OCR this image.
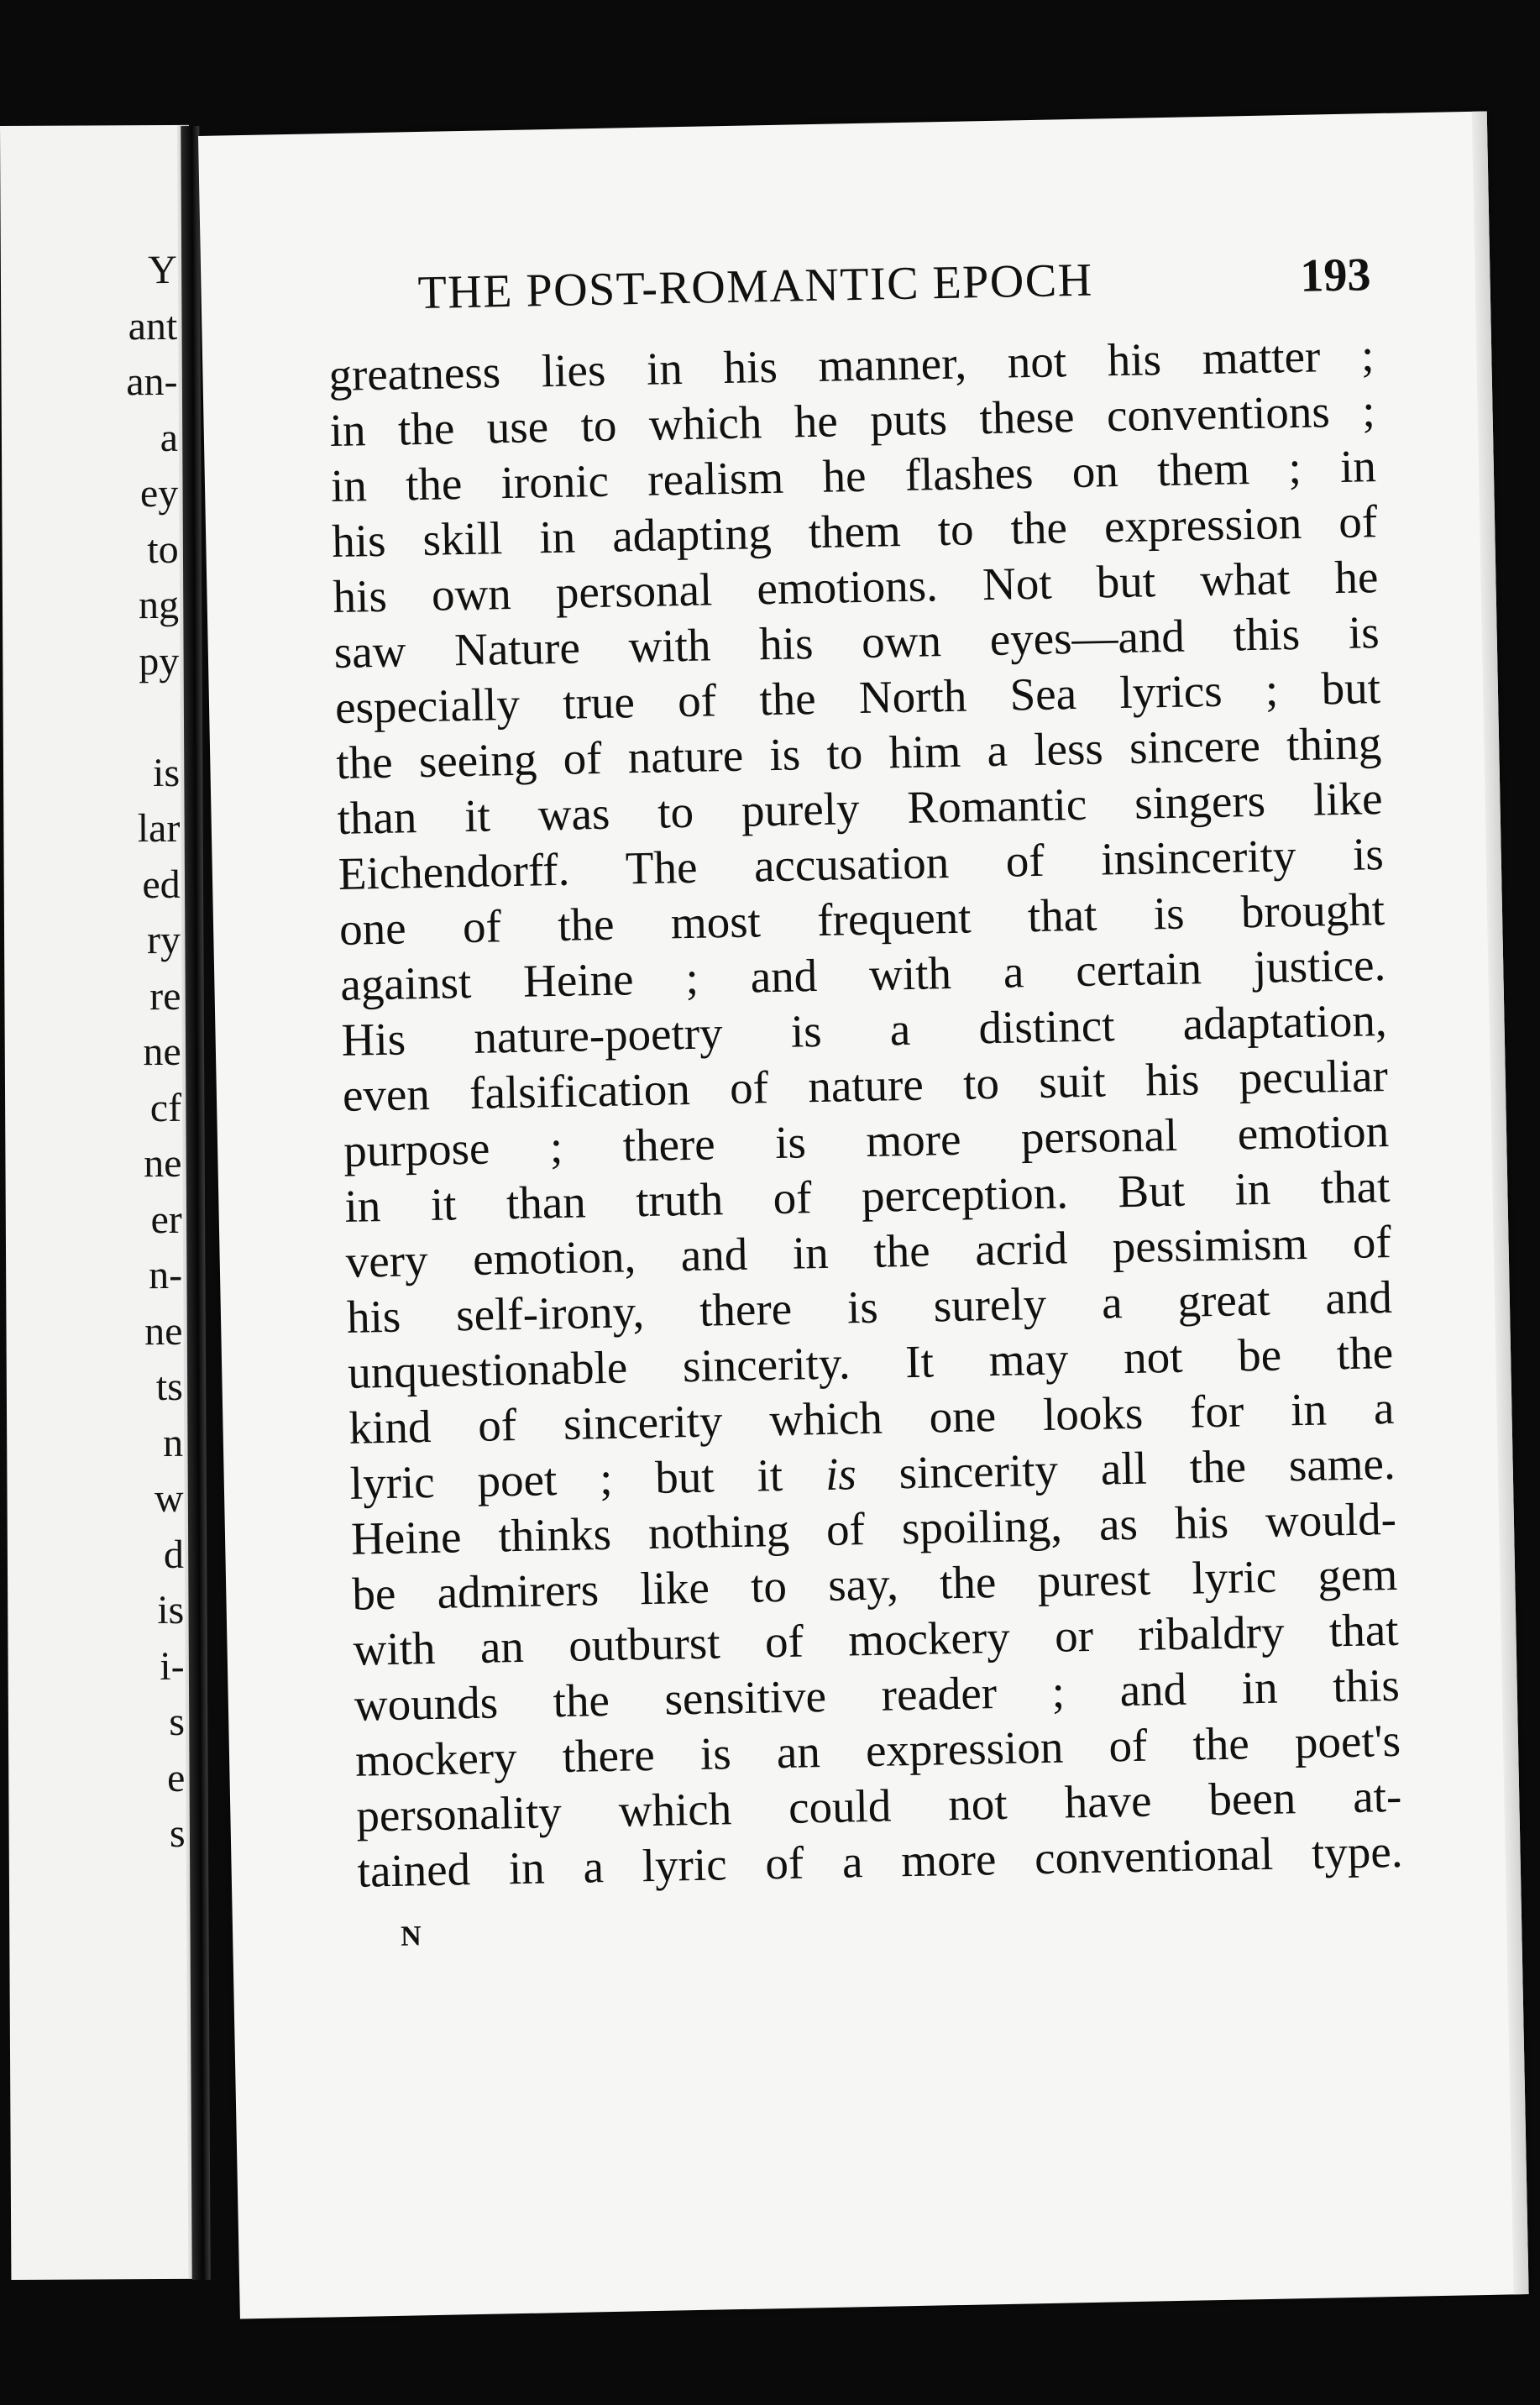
Y
ant
an-
a
ey
to
ng
py
is
lar
ed
ry
re
ne
cf
ne
er
n-
ne
ts
n
w
d
is
i-
s
e
s
THE POST-ROMANTIC EPOCH	193
greatness lies in his manner, not his matter ;
in the use to which he puts these conventions ;
in the ironic realism he flashes on them ; in
his skill in adapting them to the expression of
his own personal emotions. Not but what he
saw Nature with his own eyes—and this is
especially true of the North Sea lyrics ; but
the seeing of nature is to him a less sincere thing
than it was to purely Romantic singers like
Eichendorff. The accusation of insincerity is
one of the most frequent that is brought
against Heine ; and with a certain justice.
His nature-poetry is a distinct adaptation,
even falsification of nature to suit his peculiar
purpose ; there is more personal emotion
in it than truth of perception. But in that
very emotion, and in the acrid pessimism of
his self-irony, there is surely a great and
unquestionable sincerity. It may not be the
kind of sincerity which one looks for in a
lyric poet ; but it is sincerity all the same.
Heine thinks nothing of spoiling, as his would-
be admirers like to say, the purest lyric gem
with an outburst of mockery or ribaldry that
wounds the sensitive reader ; and in this
mockery there is an expression of the poet's
personality which could not have been at-
tained in a lyric of a more conventional type.
N
